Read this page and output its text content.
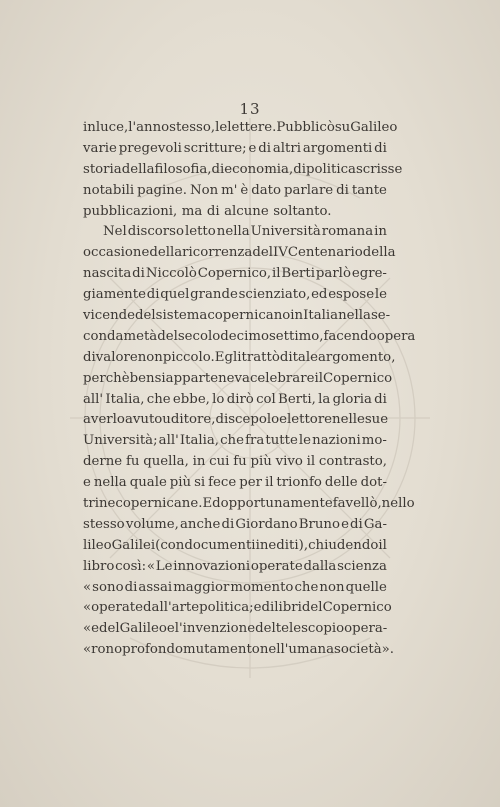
13
in luce, l' anno stesso, le lettere. Pubblicò su Galileo
varie pregevoli scritture; e di altri argomenti di
storia della filosofia, di economia, di politica scrisse
notabili pagine. Non m' è dato parlare di tante
pubblicazioni, ma di alcune soltanto.
Nel discorso letto nella Università romana in
occasione della ricorrenza del IV Centenario della
nascita di Niccolò Copernico, il Berti parlò egre-
giamente di quel grande scienziato, ed espose le
vicende del sistema copernicano in Italia nella se-
conda metà del secolo decimosettimo, facendo opera
di valore non piccolo. Egli trattò di tale argomento,
perchè ben si apparteneva celebrare il Copernico
all' Italia, che ebbe, lo dirò col Berti, la gloria di
averlo avuto uditore, discepolo e lettore nelle sue
Università; all' Italia, che fra tutte le nazioni mo-
derne fu quella, in cui fu più vivo il contrasto,
e nella quale più si fece per il trionfo delle dot-
trine copernicane. Ed opportunamente favellò, nello
stesso volume, anche di Giordano Bruno e di Ga-
lileo Galilei (con documenti inediti), chiudendo il
libro così: « Le innovazioni operate dalla scienza
« sono di assai maggior momento che non quelle
« operate dall' arte politica; ed i libri del Copernico
« e del Galileo e l' invenzione del telescopio opera-
« rono profondo mutamento nell' umana società ».
